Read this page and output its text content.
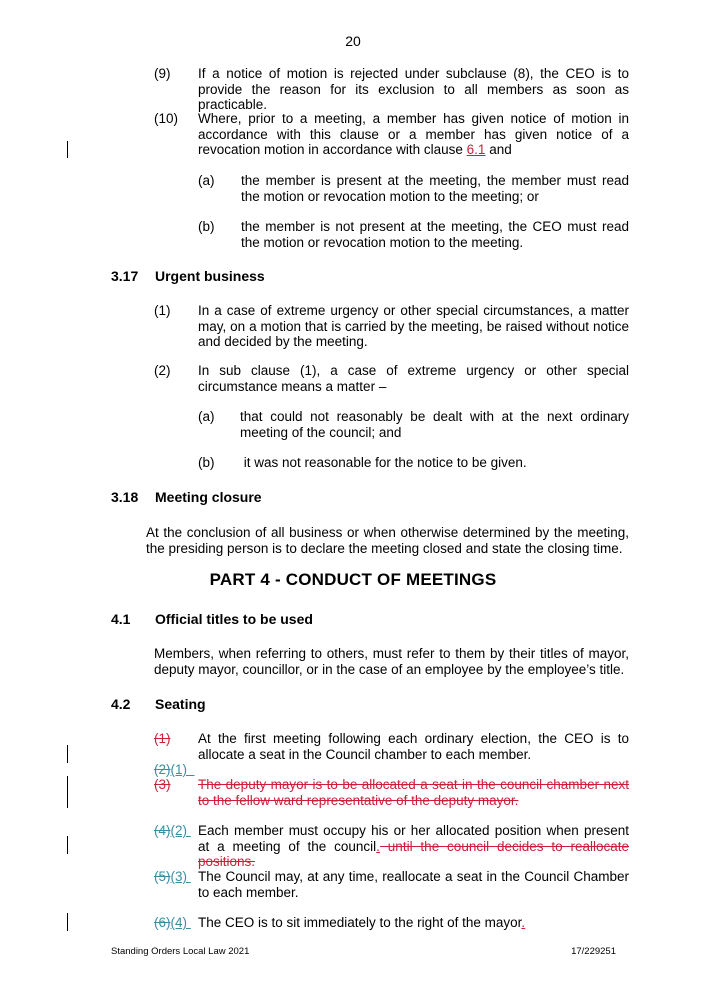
20
(9) If a notice of motion is rejected under subclause (8), the CEO is to provide the reason for its exclusion to all members as soon as practicable.
(10) Where, prior to a meeting, a member has given notice of motion in accordance with this clause or a member has given notice of a revocation motion in accordance with clause 6.1 and
(a) the member is present at the meeting, the member must read the motion or revocation motion to the meeting; or
(b) the member is not present at the meeting, the CEO must read the motion or revocation motion to the meeting.
3.17 Urgent business
(1) In a case of extreme urgency or other special circumstances, a matter may, on a motion that is carried by the meeting, be raised without notice and decided by the meeting.
(2) In sub clause (1), a case of extreme urgency or other special circumstance means a matter –
(a) that could not reasonably be dealt with at the next ordinary meeting of the council; and
(b) it was not reasonable for the notice to be given.
3.18 Meeting closure
At the conclusion of all business or when otherwise determined by the meeting, the presiding person is to declare the meeting closed and state the closing time.
PART 4 - CONDUCT OF MEETINGS
4.1 Official titles to be used
Members, when referring to others, must refer to them by their titles of mayor, deputy mayor, councillor, or in the case of an employee by the employee’s title.
4.2 Seating
(1)	At the first meeting following each ordinary election, the CEO is to allocate a seat in the Council chamber to each member.
(2)(1)
(3)	The deputy mayor is to be allocated a seat in the council chamber next to the fellow ward representative of the deputy mayor.
(4)(2) Each member must occupy his or her allocated position when present at a meeting of the council. until the council decides to reallocate positions.
(5)(3) The Council may, at any time, reallocate a seat in the Council Chamber to each member.
(6)(4) The CEO is to sit immediately to the right of the mayor.
Standing Orders Local Law 2021	17/229251
